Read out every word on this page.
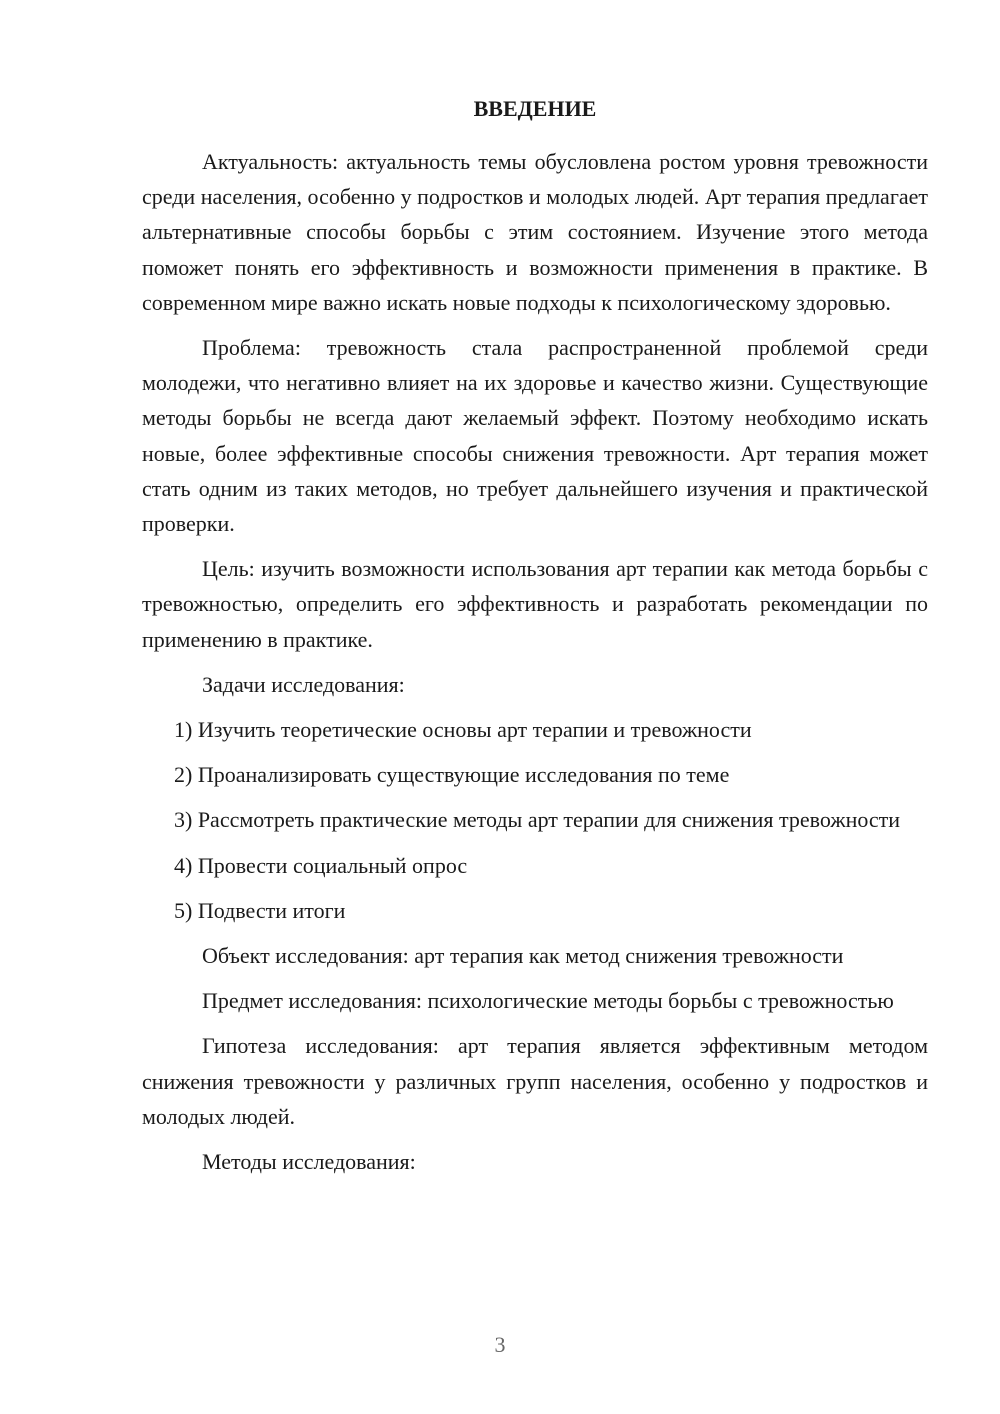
ВВЕДЕНИЕ

Актуальность: актуальность темы обусловлена ростом уровня тревожности среди населения, особенно у подростков и молодых людей. Арт терапия предлагает альтернативные способы борьбы с этим состоянием. Изучение этого метода поможет понять его эффективность и возможности применения в практике. В современном мире важно искать новые подходы к психологическому здоровью.

Проблема: тревожность стала распространенной проблемой среди молодежи, что негативно влияет на их здоровье и качество жизни. Существующие методы борьбы не всегда дают желаемый эффект. Поэтому необходимо искать новые, более эффективные способы снижения тревожности. Арт терапия может стать одним из таких методов, но требует дальнейшего изучения и практической проверки.

Цель: изучить возможности использования арт терапии как метода борьбы с тревожностью, определить его эффективность и разработать рекомендации по применению в практике.

Задачи исследования:

1) Изучить теоретические основы арт терапии и тревожности

2) Проанализировать существующие исследования по теме

3) Рассмотреть практические методы арт терапии для снижения тревожности

4) Провести социальный опрос

5) Подвести итоги

Объект исследования: арт терапия как метод снижения тревожности

Предмет исследования: психологические методы борьбы с тревожностью

Гипотеза исследования: арт терапия является эффективным методом снижения тревожности у различных групп населения, особенно у подростков и молодых людей.

Методы исследования:

3
